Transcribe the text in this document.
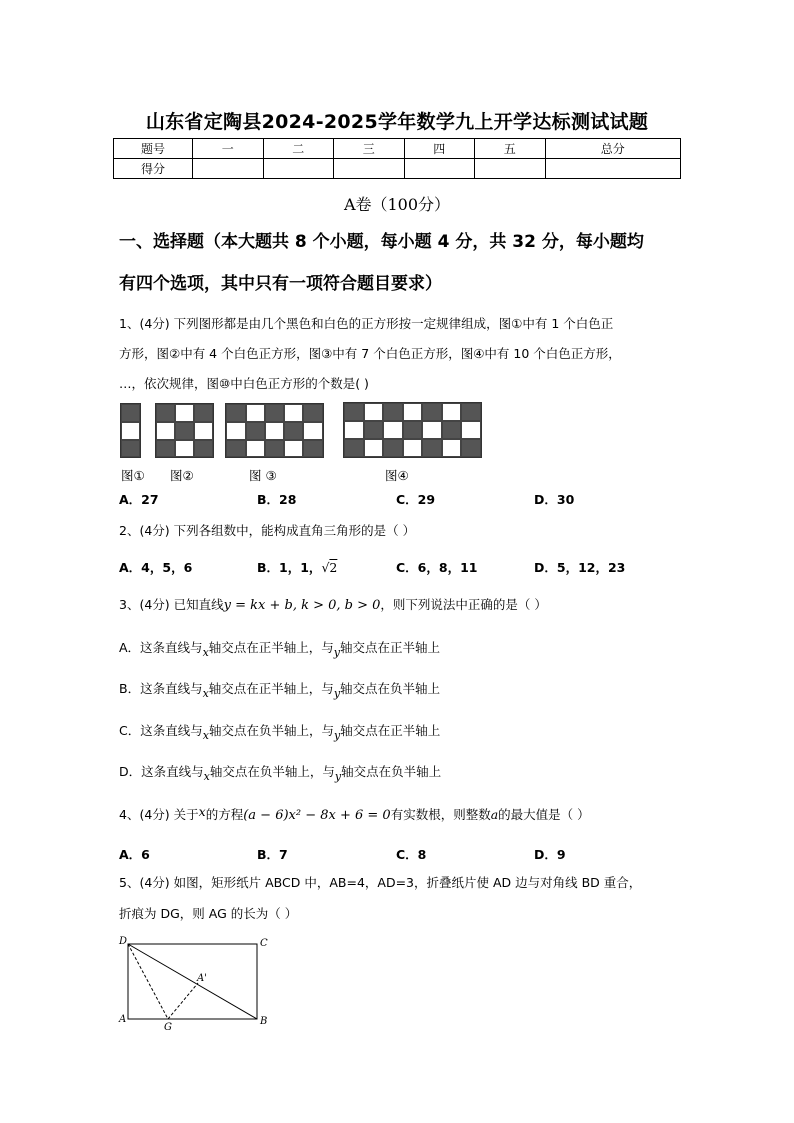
山东省定陶县2024-2025学年数学九上开学达标测试试题
题号	一	二	三	四	五	总分
得分						
A卷（100分）
一、选择题（本大题共 8 个小题，每小题 4 分，共 32 分，每小题均
有四个选项，其中只有一项符合题目要求）
1、(4分) 下列图形都是由几个黑色和白色的正方形按一定规律组成，图①中有 1 个白色正
方形，图②中有 4 个白色正方形，图③中有 7 个白色正方形，图④中有 10 个白色正方形，
…，依次规律，图⑩中白色正方形的个数是( )
图① 图②	图 ③	图④
A．27	B．28	C．29	D．30
2、(4分) 下列各组数中，能构成直角三角形的是（ ）
A．4，5，6	B．1，1，√2	C．6，8，11	D．5，12，23
3、(4分) 已知直线y = kx + b, k > 0, b > 0，则下列说法中正确的是（ ）
A．这条直线与x轴交点在正半轴上，与y轴交点在正半轴上
B．这条直线与x轴交点在正半轴上，与y轴交点在负半轴上
C．这条直线与x轴交点在负半轴上，与y轴交点在正半轴上
D．这条直线与x轴交点在负半轴上，与y轴交点在负半轴上
4、(4分) 关于x的方程(a − 6)x² − 8x + 6 = 0有实数根，则整数a的最大值是（ ）
A．6	B．7	C．8	D．9
5、(4分) 如图，矩形纸片 ABCD 中，AB=4，AD=3，折叠纸片使 AD 边与对角线 BD 重合，
折痕为 DG，则 AG 的长为（ ）
D	C
A	B
G
A'
